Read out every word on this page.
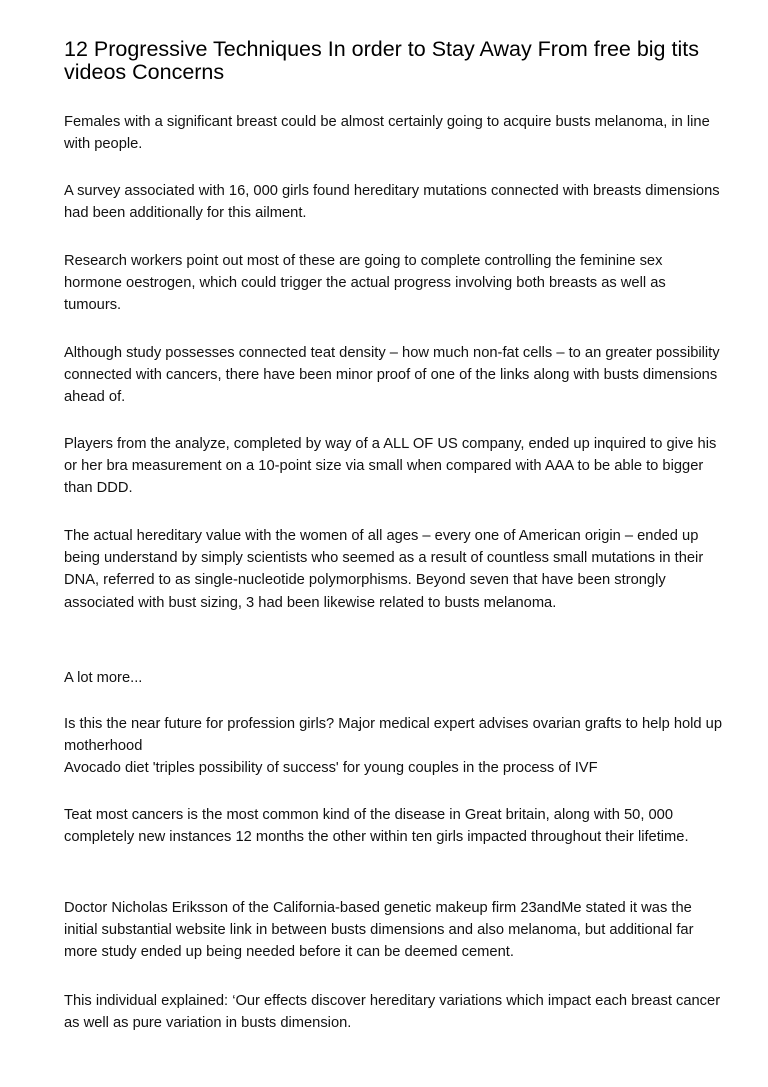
12 Progressive Techniques In order to Stay Away From free big tits videos Concerns

Females with a significant breast could be almost certainly going to acquire busts melanoma, in line with people.

A survey associated with 16, 000 girls found hereditary mutations connected with breasts dimensions had been additionally for this ailment.

Research workers point out most of these are going to complete controlling the feminine sex hormone oestrogen, which could trigger the actual progress involving both breasts as well as tumours.

Although study possesses connected teat density – how much non-fat cells – to an greater possibility connected with cancers, there have been minor proof of one of the links along with busts dimensions ahead of.

Players from the analyze, completed by way of a ALL OF US company, ended up inquired to give his or her bra measurement on a 10-point size via small when compared with AAA to be able to bigger than DDD.

The actual hereditary value with the women of all ages – every one of American origin – ended up being understand by simply scientists who seemed as a result of countless small mutations in their DNA, referred to as single-nucleotide polymorphisms. Beyond seven that have been strongly associated with bust sizing, 3 had been likewise related to busts melanoma.

A lot more...

Is this the near future for profession girls? Major medical expert advises ovarian grafts to help hold up motherhood
Avocado diet 'triples possibility of success' for young couples in the process of IVF

Teat most cancers is the most common kind of the disease in Great britain, along with 50, 000 completely new instances 12 months the other within ten girls impacted throughout their lifetime.

Doctor Nicholas Eriksson of the California-based genetic makeup firm 23andMe stated it was the initial substantial website link in between busts dimensions and also melanoma, but additional far more study ended up being needed before it can be deemed cement.

This individual explained: ‘Our effects discover hereditary variations which impact each breast cancer as well as pure variation in busts dimension.
